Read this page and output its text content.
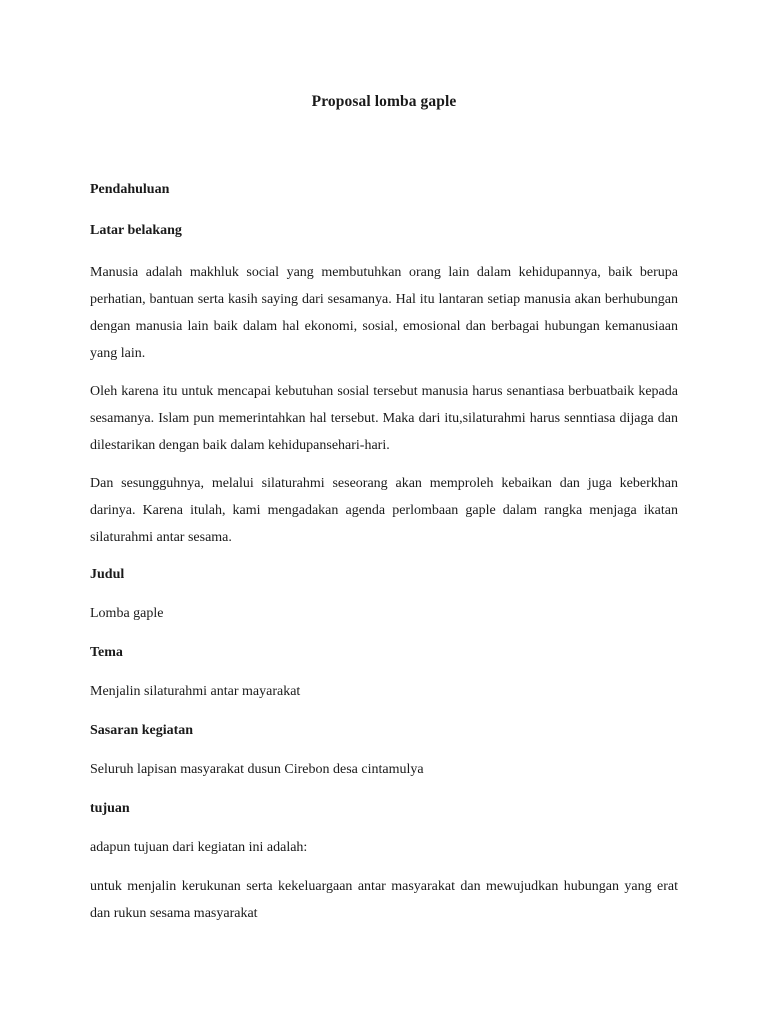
Proposal lomba gaple

Pendahuluan

Latar belakang

Manusia adalah makhluk social yang membutuhkan orang lain dalam kehidupannya, baik berupa perhatian, bantuan serta kasih saying dari sesamanya. Hal itu lantaran setiap manusia akan berhubungan dengan manusia lain baik dalam hal ekonomi, sosial, emosional dan berbagai hubungan kemanusiaan yang lain.

Oleh karena itu untuk mencapai kebutuhan sosial tersebut manusia harus senantiasa berbuatbaik kepada sesamanya. Islam pun memerintahkan hal tersebut. Maka dari itu,silaturahmi harus senntiasa dijaga dan dilestarikan dengan baik dalam kehidupansehari-hari.

Dan sesungguhnya, melalui silaturahmi seseorang akan memproleh kebaikan dan juga keberkhan darinya. Karena itulah, kami mengadakan agenda perlombaan gaple dalam rangka menjaga ikatan silaturahmi antar sesama.

Judul

Lomba gaple

Tema

Menjalin silaturahmi antar mayarakat

Sasaran kegiatan

Seluruh lapisan masyarakat dusun Cirebon desa cintamulya

tujuan

adapun tujuan dari kegiatan ini adalah:

untuk menjalin kerukunan serta kekeluargaan antar masyarakat dan mewujudkan hubungan yang erat dan rukun sesama masyarakat
